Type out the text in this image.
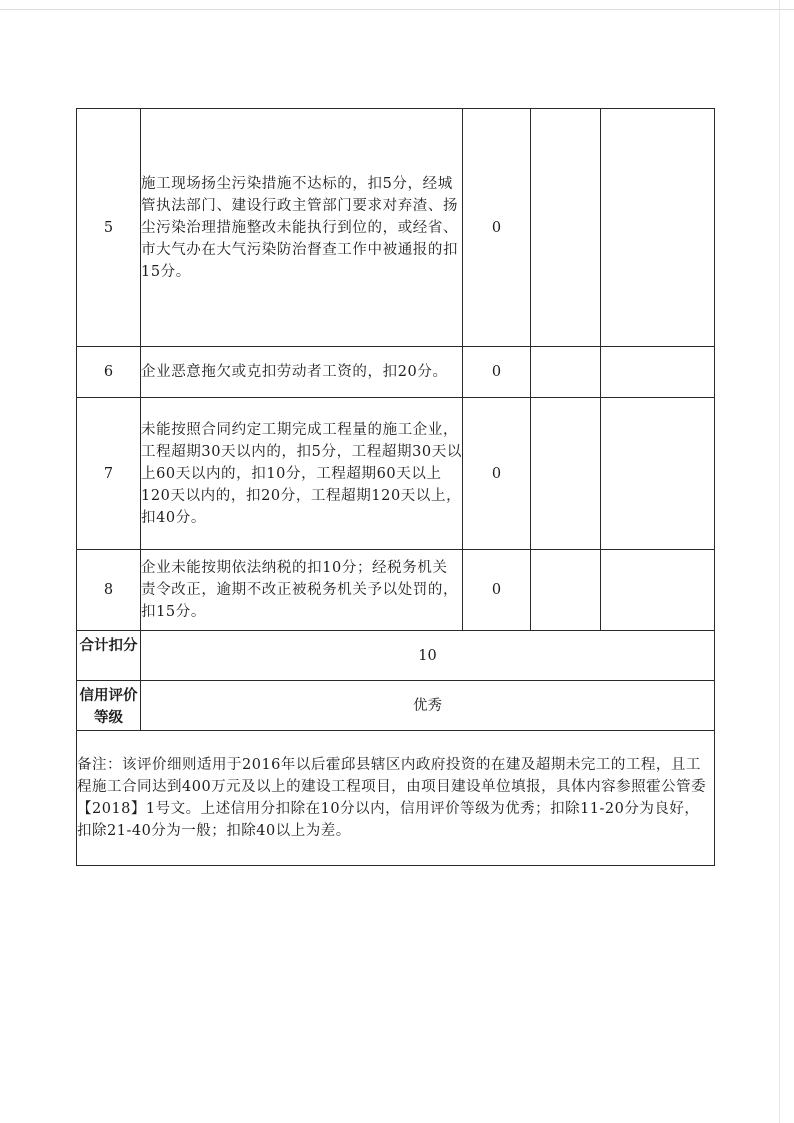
5	施工现场扬尘污染措施不达标的，扣5分，经城管执法部门、建设行政主管部门要求对弃渣、扬尘污染治理措施整改未能执行到位的，或经省、市大气办在大气污染防治督查工作中被通报的扣15分。	0		
6	企业恶意拖欠或克扣劳动者工资的，扣20分。	0		
7	未能按照合同约定工期完成工程量的施工企业，工程超期30天以内的，扣5分，工程超期30天以上60天以内的，扣10分，工程超期60天以上120天以内的，扣20分，工程超期120天以上，扣40分。	0		
8	企业未能按期依法纳税的扣10分；经税务机关责令改正，逾期不改正被税务机关予以处罚的，扣15分。	0		

合计扣分	10			

信用评价等级	优秀			
备注：该评价细则适用于2016年以后霍邱县辖区内政府投资的在建及超期未完工的工程，且工程施工合同达到400万元及以上的建设工程项目，由项目建设单位填报，具体内容参照霍公管委【2018】1号文。上述信用分扣除在10分以内，信用评价等级为优秀；扣除11-20分为良好，扣除21-40分为一般；扣除40以上为差。				
